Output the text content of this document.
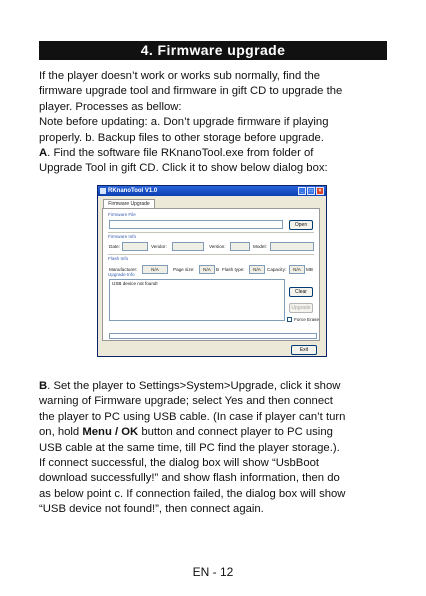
4. Firmware upgrade

If the player doesn’t work or works sub normally, find the
firmware upgrade tool and firmware in gift CD to upgrade the
player. Processes as bellow:
Note before updating: a. Don’t upgrade firmware if playing
properly. b. Backup files to other storage before upgrade.
A. Find the software file RKnanoTool.exe from folder of
Upgrade Tool in gift CD. Click it to show below dialog box:

RKnanoTool V1.0	_	□	×
Firmware Upgrade
Firmware File
Open
Firmware Info
Date:	Vendor:	Version:	Model:
Flash Info
Manufacturer:	N/A	Page size:	N/A	B Flash type:	N/A	Capacity:	N/A	MB
Upgrade Info
USB device not found!
Clear
Upgrade
Force Erase
Exit

B. Set the player to Settings>System>Upgrade, click it show
warning of Firmware upgrade; select Yes and then connect
the player to PC using USB cable. (In case if player can’t turn
on, hold Menu / OK button and connect player to PC using
USB cable at the same time, till PC find the player storage.).
If connect successful, the dialog box will show “UsbBoot
download successfully!” and show flash information, then do
as below point c. If connection failed, the dialog box will show
“USB device not found!”, then connect again.

EN - 12
